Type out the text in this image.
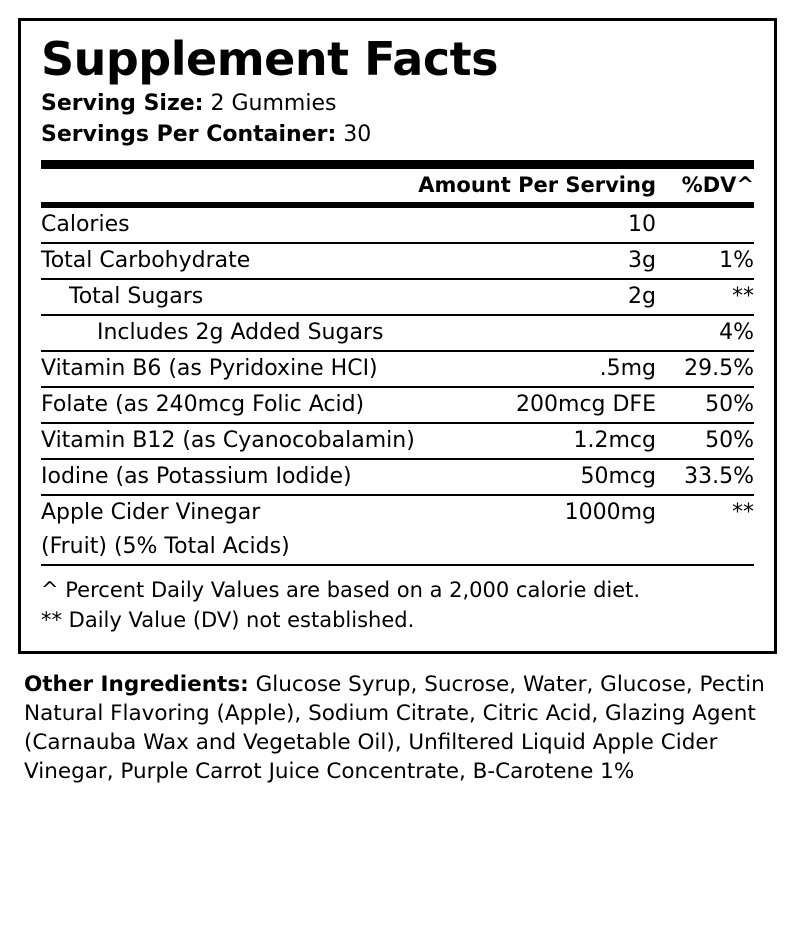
Supplement Facts

Serving Size: 2 Gummies

Servings Per Container: 30

	Amount Per Serving	%DV^
Calories	10	
Total Carbohydrate	3g	1%
Total Sugars	2g	**
Includes 2g Added Sugars		4%
Vitamin B6 (as Pyridoxine HCI)	.5mg	29.5%
Folate (as 240mcg Folic Acid)	200mcg DFE	50%
Vitamin B12 (as Cyanocobalamin)	1.2mcg	50%
Iodine (as Potassium Iodide)	50mcg	33.5%
Apple Cider Vinegar	1000mg	**
(Fruit) (5% Total Acids)		
^ Percent Daily Values are based on a 2,000 calorie diet.
** Daily Value (DV) not established.

Other Ingredients: Glucose Syrup, Sucrose, Water, Glucose, Pectin Natural Flavoring (Apple), Sodium Citrate, Citric Acid, Glazing Agent (Carnauba Wax and Vegetable Oil), Unfiltered Liquid Apple Cider Vinegar, Purple Carrot Juice Concentrate, B-Carotene 1%
